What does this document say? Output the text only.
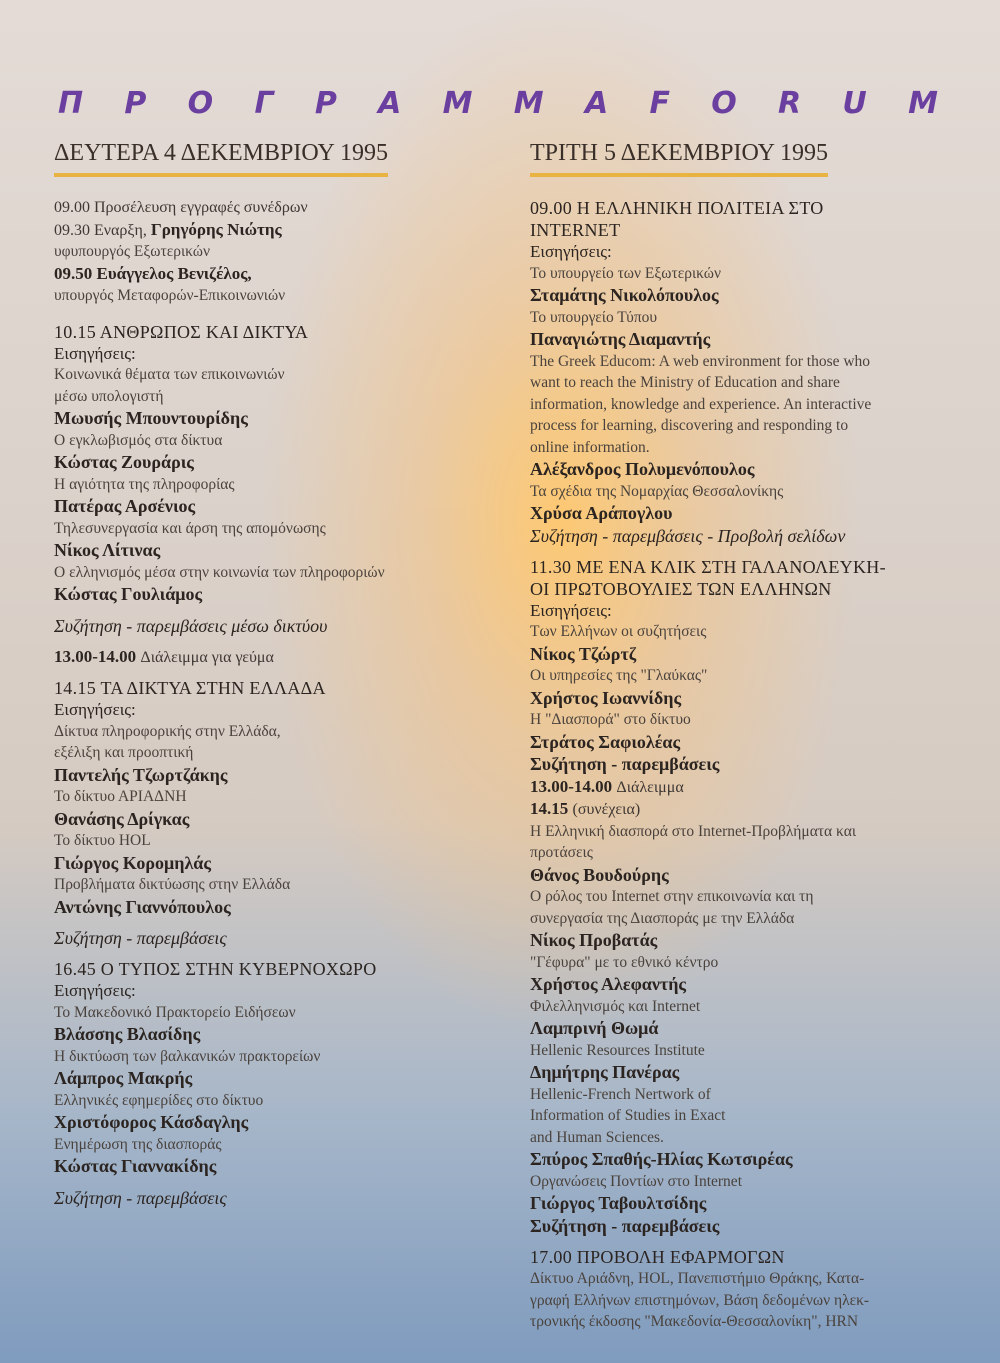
Π Ρ Ο Γ Ρ Α Μ Μ Α F O R U M
ΔΕΥΤΕΡΑ 4 ΔΕΚΕΜΒΡΙΟΥ 1995
09.00 Προσέλευση εγγραφές συνέδρων
09.30 Εναρξη, Γρηγόρης Νιώτης
υφυπουργός Εξωτερικών
09.50 Ευάγγελος Βενιζέλος,
υπουργός Μεταφορών-Επικοινωνιών
10.15 ΑΝΘΡΩΠΟΣ ΚΑΙ ΔΙΚΤΥΑ
Εισηγήσεις:
Κοινωνικά θέματα των επικοινωνιών
μέσω υπολογιστή
Μωυσής Μπουντουρίδης
Ο εγκλωβισμός στα δίκτυα
Κώστας Ζουράρις
Η αγιότητα της πληροφορίας
Πατέρας Αρσένιος
Τηλεσυνεργασία και άρση της απομόνωσης
Νίκος Λίτινας
Ο ελληνισμός μέσα στην κοινωνία των πληροφοριών
Κώστας Γουλιάμος
Συζήτηση - παρεμβάσεις μέσω δικτύου
13.00-14.00 Διάλειμμα για γεύμα
14.15 ΤΑ ΔΙΚΤΥΑ ΣΤΗΝ ΕΛΛΑΔΑ
Εισηγήσεις:
Δίκτυα πληροφορικής στην Ελλάδα,
εξέλιξη και προοπτική
Παντελής Τζωρτζάκης
Το δίκτυο ΑΡΙΑΔΝΗ
Θανάσης Δρίγκας
Το δίκτυο HOL
Γιώργος Κορομηλάς
Προβλήματα δικτύωσης στην Ελλάδα
Αντώνης Γιαννόπουλος
Συζήτηση - παρεμβάσεις
16.45 Ο ΤΥΠΟΣ ΣΤΗΝ ΚΥΒΕΡΝΟΧΩΡΟ
Εισηγήσεις:
Το Μακεδονικό Πρακτορείο Ειδήσεων
Βλάσσης Βλασίδης
Η δικτύωση των βαλκανικών πρακτορείων
Λάμπρος Μακρής
Ελληνικές εφημερίδες στο δίκτυο
Χριστόφορος Κάσδαγλης
Ενημέρωση της διασποράς
Κώστας Γιαννακίδης
Συζήτηση - παρεμβάσεις
ΤΡΙΤΗ 5 ΔΕΚΕΜΒΡΙΟΥ 1995
09.00 Η ΕΛΛΗΝΙΚΗ ΠΟΛΙΤΕΙΑ ΣΤΟ
INTERNET
Εισηγήσεις:
Το υπουργείο των Εξωτερικών
Σταμάτης Νικολόπουλος
Το υπουργείο Τύπου
Παναγιώτης Διαμαντής
The Greek Educom: A web environment for those who
want to reach the Ministry of Education and share
information, knowledge and experience. An interactive
process for learning, discovering and responding to
online information.
Αλέξανδρος Πολυμενόπουλος
Τα σχέδια της Νομαρχίας Θεσσαλονίκης
Χρύσα Αράπογλου
Συζήτηση - παρεμβάσεις - Προβολή σελίδων
11.30 ΜΕ ΕΝΑ ΚΛΙΚ ΣΤΗ ΓΑΛΑΝΟΛΕΥΚΗ-
ΟΙ ΠΡΩΤΟΒΟΥΛΙΕΣ ΤΩΝ ΕΛΛΗΝΩΝ
Εισηγήσεις:
Των Ελλήνων οι συζητήσεις
Νίκος Τζώρτζ
Οι υπηρεσίες της "Γλαύκας"
Χρήστος Ιωαννίδης
Η "Διασπορά" στο δίκτυο
Στράτος Σαφιολέας
Συζήτηση - παρεμβάσεις
13.00-14.00 Διάλειμμα
14.15 (συνέχεια)
Η Ελληνική διασπορά στο Internet-Προβλήματα και
προτάσεις
Θάνος Βουδούρης
Ο ρόλος του Internet στην επικοινωνία και τη
συνεργασία της Διασποράς με την Ελλάδα
Νίκος Προβατάς
"Γέφυρα" με το εθνικό κέντρο
Χρήστος Αλεφαντής
Φιλελληνισμός και Internet
Λαμπρινή Θωμά
Hellenic Resources Institute
Δημήτρης Πανέρας
Hellenic-French Nertwork of
Information of Studies in Exact
and Human Sciences.
Σπύρος Σπαθής-Ηλίας Κωτσιρέας
Οργανώσεις Ποντίων στο Internet
Γιώργος Ταβουλτσίδης
Συζήτηση - παρεμβάσεις
17.00 ΠΡΟΒΟΛΗ ΕΦΑΡΜΟΓΩΝ
Δίκτυο Αριάδνη, HOL, Πανεπιστήμιο Θράκης, Κατα-
γραφή Ελλήνων επιστημόνων, Βάση δεδομένων ηλεκ-
τρονικής έκδοσης "Μακεδονία-Θεσσαλονίκη", HRN
